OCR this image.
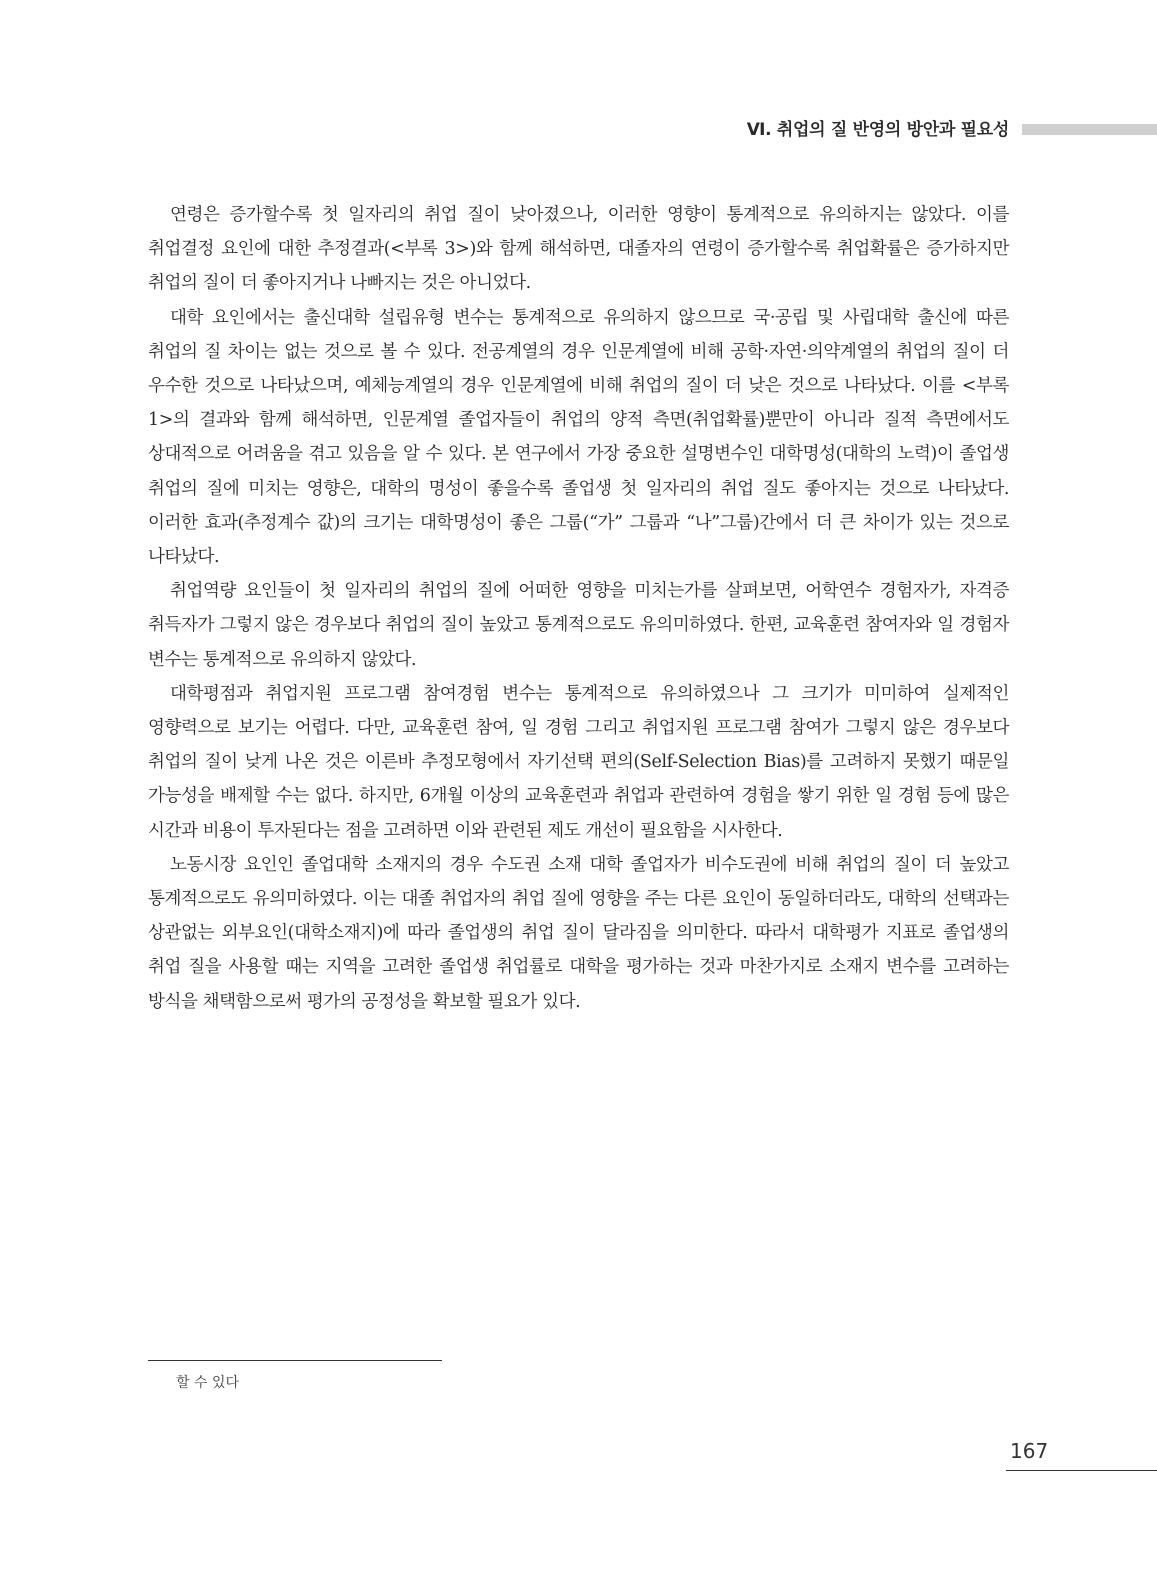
Ⅵ. 취업의 질 반영의 방안과 필요성

연령은 증가할수록 첫 일자리의 취업 질이 낮아졌으나, 이러한 영향이 통계적으로 유의하지는 않았다. 이를 취업결정 요인에 대한 추정결과(<부록 3>)와 함께 해석하면, 대졸자의 연령이 증가할수록 취업확률은 증가하지만 취업의 질이 더 좋아지거나 나빠지는 것은 아니었다.

대학 요인에서는 출신대학 설립유형 변수는 통계적으로 유의하지 않으므로 국·공립 및 사립대학 출신에 따른 취업의 질 차이는 없는 것으로 볼 수 있다. 전공계열의 경우 인문계열에 비해 공학·자연·의약계열의 취업의 질이 더 우수한 것으로 나타났으며, 예체능계열의 경우 인문계열에 비해 취업의 질이 더 낮은 것으로 나타났다. 이를 <부록 1>의 결과와 함께 해석하면, 인문계열 졸업자들이 취업의 양적 측면(취업확률)뿐만이 아니라 질적 측면에서도 상대적으로 어려움을 겪고 있음을 알 수 있다. 본 연구에서 가장 중요한 설명변수인 대학명성(대학의 노력)이 졸업생 취업의 질에 미치는 영향은, 대학의 명성이 좋을수록 졸업생 첫 일자리의 취업 질도 좋아지는 것으로 나타났다. 이러한 효과(추정계수 값)의 크기는 대학명성이 좋은 그룹(“가” 그룹과 “나”그룹)간에서 더 큰 차이가 있는 것으로 나타났다.

취업역량 요인들이 첫 일자리의 취업의 질에 어떠한 영향을 미치는가를 살펴보면, 어학연수 경험자가, 자격증 취득자가 그렇지 않은 경우보다 취업의 질이 높았고 통계적으로도 유의미하였다. 한편, 교육훈련 참여자와 일 경험자 변수는 통계적으로 유의하지 않았다.

대학평점과 취업지원 프로그램 참여경험 변수는 통계적으로 유의하였으나 그 크기가 미미하여 실제적인 영향력으로 보기는 어렵다. 다만, 교육훈련 참여, 일 경험 그리고 취업지원 프로그램 참여가 그렇지 않은 경우보다 취업의 질이 낮게 나온 것은 이른바 추정모형에서 자기선택 편의(Self-Selection Bias)를 고려하지 못했기 때문일 가능성을 배제할 수는 없다. 하지만, 6개월 이상의 교육훈련과 취업과 관련하여 경험을 쌓기 위한 일 경험 등에 많은 시간과 비용이 투자된다는 점을 고려하면 이와 관련된 제도 개선이 필요함을 시사한다.

노동시장 요인인 졸업대학 소재지의 경우 수도권 소재 대학 졸업자가 비수도권에 비해 취업의 질이 더 높았고 통계적으로도 유의미하였다. 이는 대졸 취업자의 취업 질에 영향을 주는 다른 요인이 동일하더라도, 대학의 선택과는 상관없는 외부요인(대학소재지)에 따라 졸업생의 취업 질이 달라짐을 의미한다. 따라서 대학평가 지표로 졸업생의 취업 질을 사용할 때는 지역을 고려한 졸업생 취업률로 대학을 평가하는 것과 마찬가지로 소재지 변수를 고려하는 방식을 채택함으로써 평가의 공정성을 확보할 필요가 있다.

할 수 있다
167
